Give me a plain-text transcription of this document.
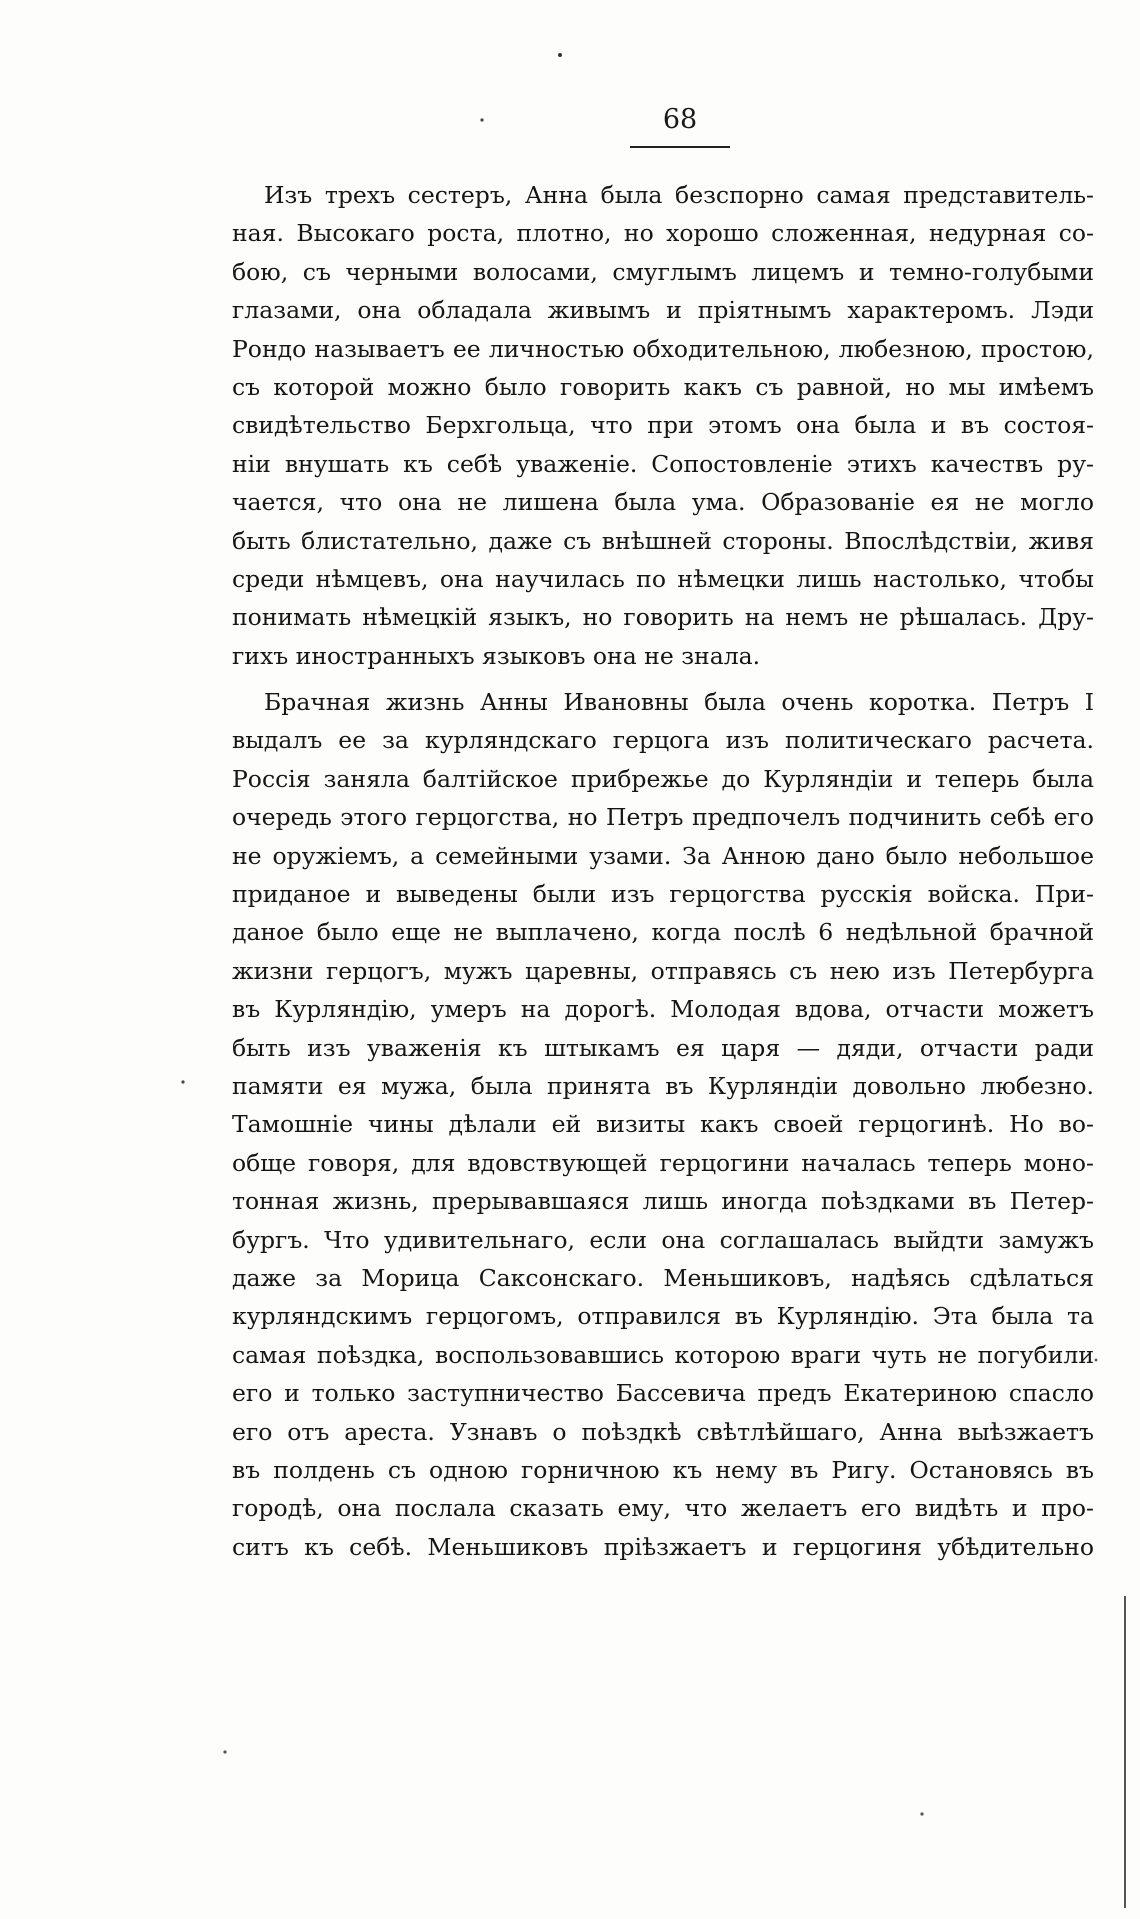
68
Изъ трехъ сестеръ, Анна была безспорно самая представитель-
ная. Высокаго роста, плотно, но хорошо сложенная, недурная со-
бою, съ черными волосами, смуглымъ лицемъ и темно-голубыми
глазами, она обладала живымъ и пріятнымъ характеромъ. Лэди
Рондо называетъ ее личностью обходительною, любезною, простою,
съ которой можно было говорить какъ съ равной, но мы имѣемъ
свидѣтельство Берхгольца, что при этомъ она была и въ состоя-
ніи внушать къ себѣ уваженіе. Сопостовленіе этихъ качествъ ру-
чается, что она не лишена была ума. Образованіе ея не могло
быть блистательно, даже съ внѣшней стороны. Впослѣдствіи, живя
среди нѣмцевъ, она научилась по нѣмецки лишь настолько, чтобы
понимать нѣмецкій языкъ, но говорить на немъ не рѣшалась. Дру-
гихъ иностранныхъ языковъ она не знала.
Брачная жизнь Анны Ивановны была очень коротка. Петръ I
выдалъ ее за курляндскаго герцога изъ политическаго расчета.
Россія заняла балтійское прибрежье до Курляндіи и теперь была
очередь этого герцогства, но Петръ предпочелъ подчинить себѣ его
не оружіемъ, а семейными узами. За Анною дано было небольшое
приданое и выведены были изъ герцогства русскія войска. При-
даное было еще не выплачено, когда послѣ 6 недѣльной брачной
жизни герцогъ, мужъ царевны, отправясь съ нею изъ Петербурга
въ Курляндію, умеръ на дорогѣ. Молодая вдова, отчасти можетъ
быть изъ уваженія къ штыкамъ ея царя — дяди, отчасти ради
памяти ея мужа, была принята въ Курляндіи довольно любезно.
Тамошніе чины дѣлали ей визиты какъ своей герцогинѣ. Но во-
обще говоря, для вдовствующей герцогини началась теперь моно-
тонная жизнь, прерывавшаяся лишь иногда поѣздками въ Петер-
бургъ. Что удивительнаго, если она соглашалась выйдти замужъ
даже за Морица Саксонскаго. Меньшиковъ, надѣясь сдѣлаться
курляндскимъ герцогомъ, отправился въ Курляндію. Эта была та
самая поѣздка, воспользовавшись которою враги чуть не погубили
его и только заступничество Бассевича предъ Екатериною спасло
его отъ ареста. Узнавъ о поѣздкѣ свѣтлѣйшаго, Анна выѣзжаетъ
въ полдень съ одною горничною къ нему въ Ригу. Остановясь въ
городѣ, она послала сказать ему, что желаетъ его видѣть и про-
ситъ къ себѣ. Меньшиковъ пріѣзжаетъ и герцогиня убѣдительно
